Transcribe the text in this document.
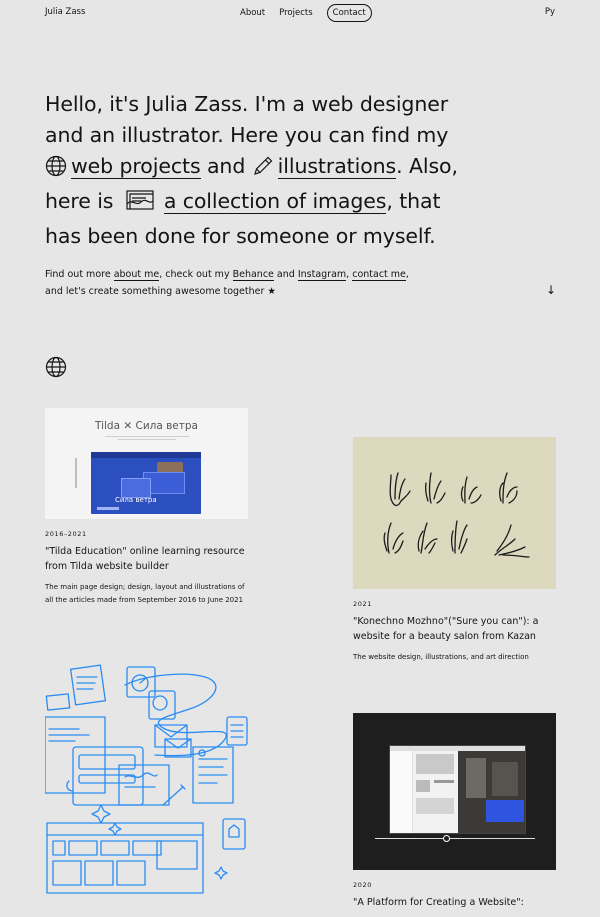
Julia Zass	About Projects	Contact	Ру
Hello, it's Julia Zass. I'm a web designer and an illustrator. Here you can find my web projects and illustrations. Also, here is a collection of images, that has been done for someone or myself.
Find out more about me, check out my Behance and Instagram, contact me,
and let's create something awesome together ★	↓
Tilda ✕ Сила ветра
Сила ветра
2016–2021
"Tilda Education" online learning resource from Tilda website builder
The main page design; design, layout and illustrations of all the articles made from September 2016 to June 2021	2021
"Konechno Mozhno"("Sure you can"): a website for a beauty salon from Kazan
The website design, illustrations, and art direction
2020
"A Platform for Creating a Website":
